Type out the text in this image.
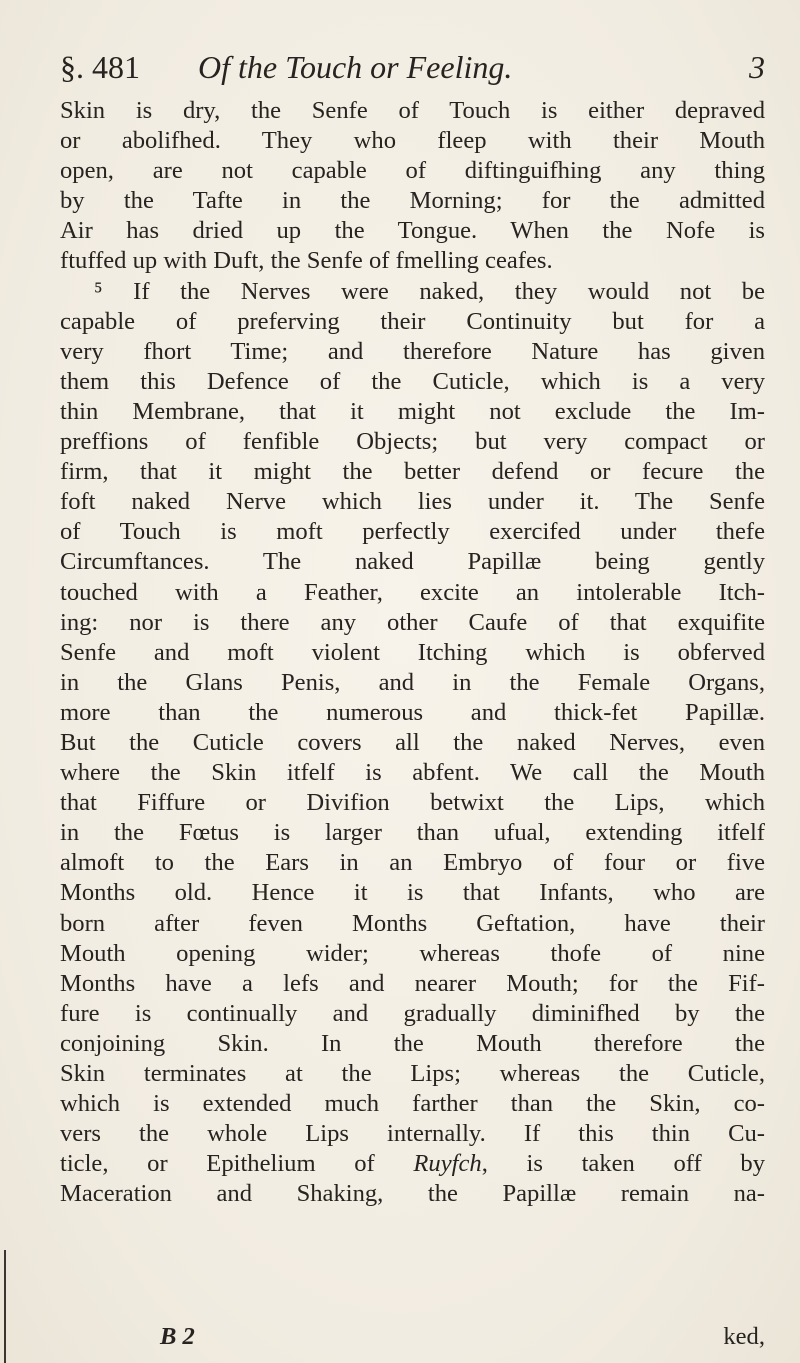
§. 481 Of the Touch or Feeling.	3
Skin is dry, the Senfe of Touch is either depraved
or abolifhed. They who fleep with their Mouth
open, are not capable of diftinguifhing any thing
by the Tafte in the Morning; for the admitted
Air has dried up the Tongue. When the Nofe is
ftuffed up with Duft, the Senfe of fmelling ceafes.
⁵ If the Nerves were naked, they would not be
capable of preferving their Continuity but for a
very fhort Time; and therefore Nature has given
them this Defence of the Cuticle, which is a very
thin Membrane, that it might not exclude the Im-
preffions of fenfible Objects; but very compact or
firm, that it might the better defend or fecure the
foft naked Nerve which lies under it. The Senfe
of Touch is moft perfectly exercifed under thefe
Circumftances. The naked Papillæ being gently
touched with a Feather, excite an intolerable Itch-
ing: nor is there any other Caufe of that exquifite
Senfe and moft violent Itching which is obferved
in the Glans Penis, and in the Female Organs,
more than the numerous and thick-fet Papillæ.
But the Cuticle covers all the naked Nerves, even
where the Skin itfelf is abfent. We call the Mouth
that Fiffure or Divifion betwixt the Lips, which
in the Fœtus is larger than ufual, extending itfelf
almoft to the Ears in an Embryo of four or five
Months old. Hence it is that Infants, who are
born after feven Months Geftation, have their
Mouth opening wider; whereas thofe of nine
Months have a lefs and nearer Mouth; for the Fif-
fure is continually and gradually diminifhed by the
conjoining Skin. In the Mouth therefore the
Skin terminates at the Lips; whereas the Cuticle,
which is extended much farther than the Skin, co-
vers the whole Lips internally. If this thin Cu-
ticle, or Epithelium of Ruyfch, is taken off by
Maceration and Shaking, the Papillæ remain na-
B 2	ked,
